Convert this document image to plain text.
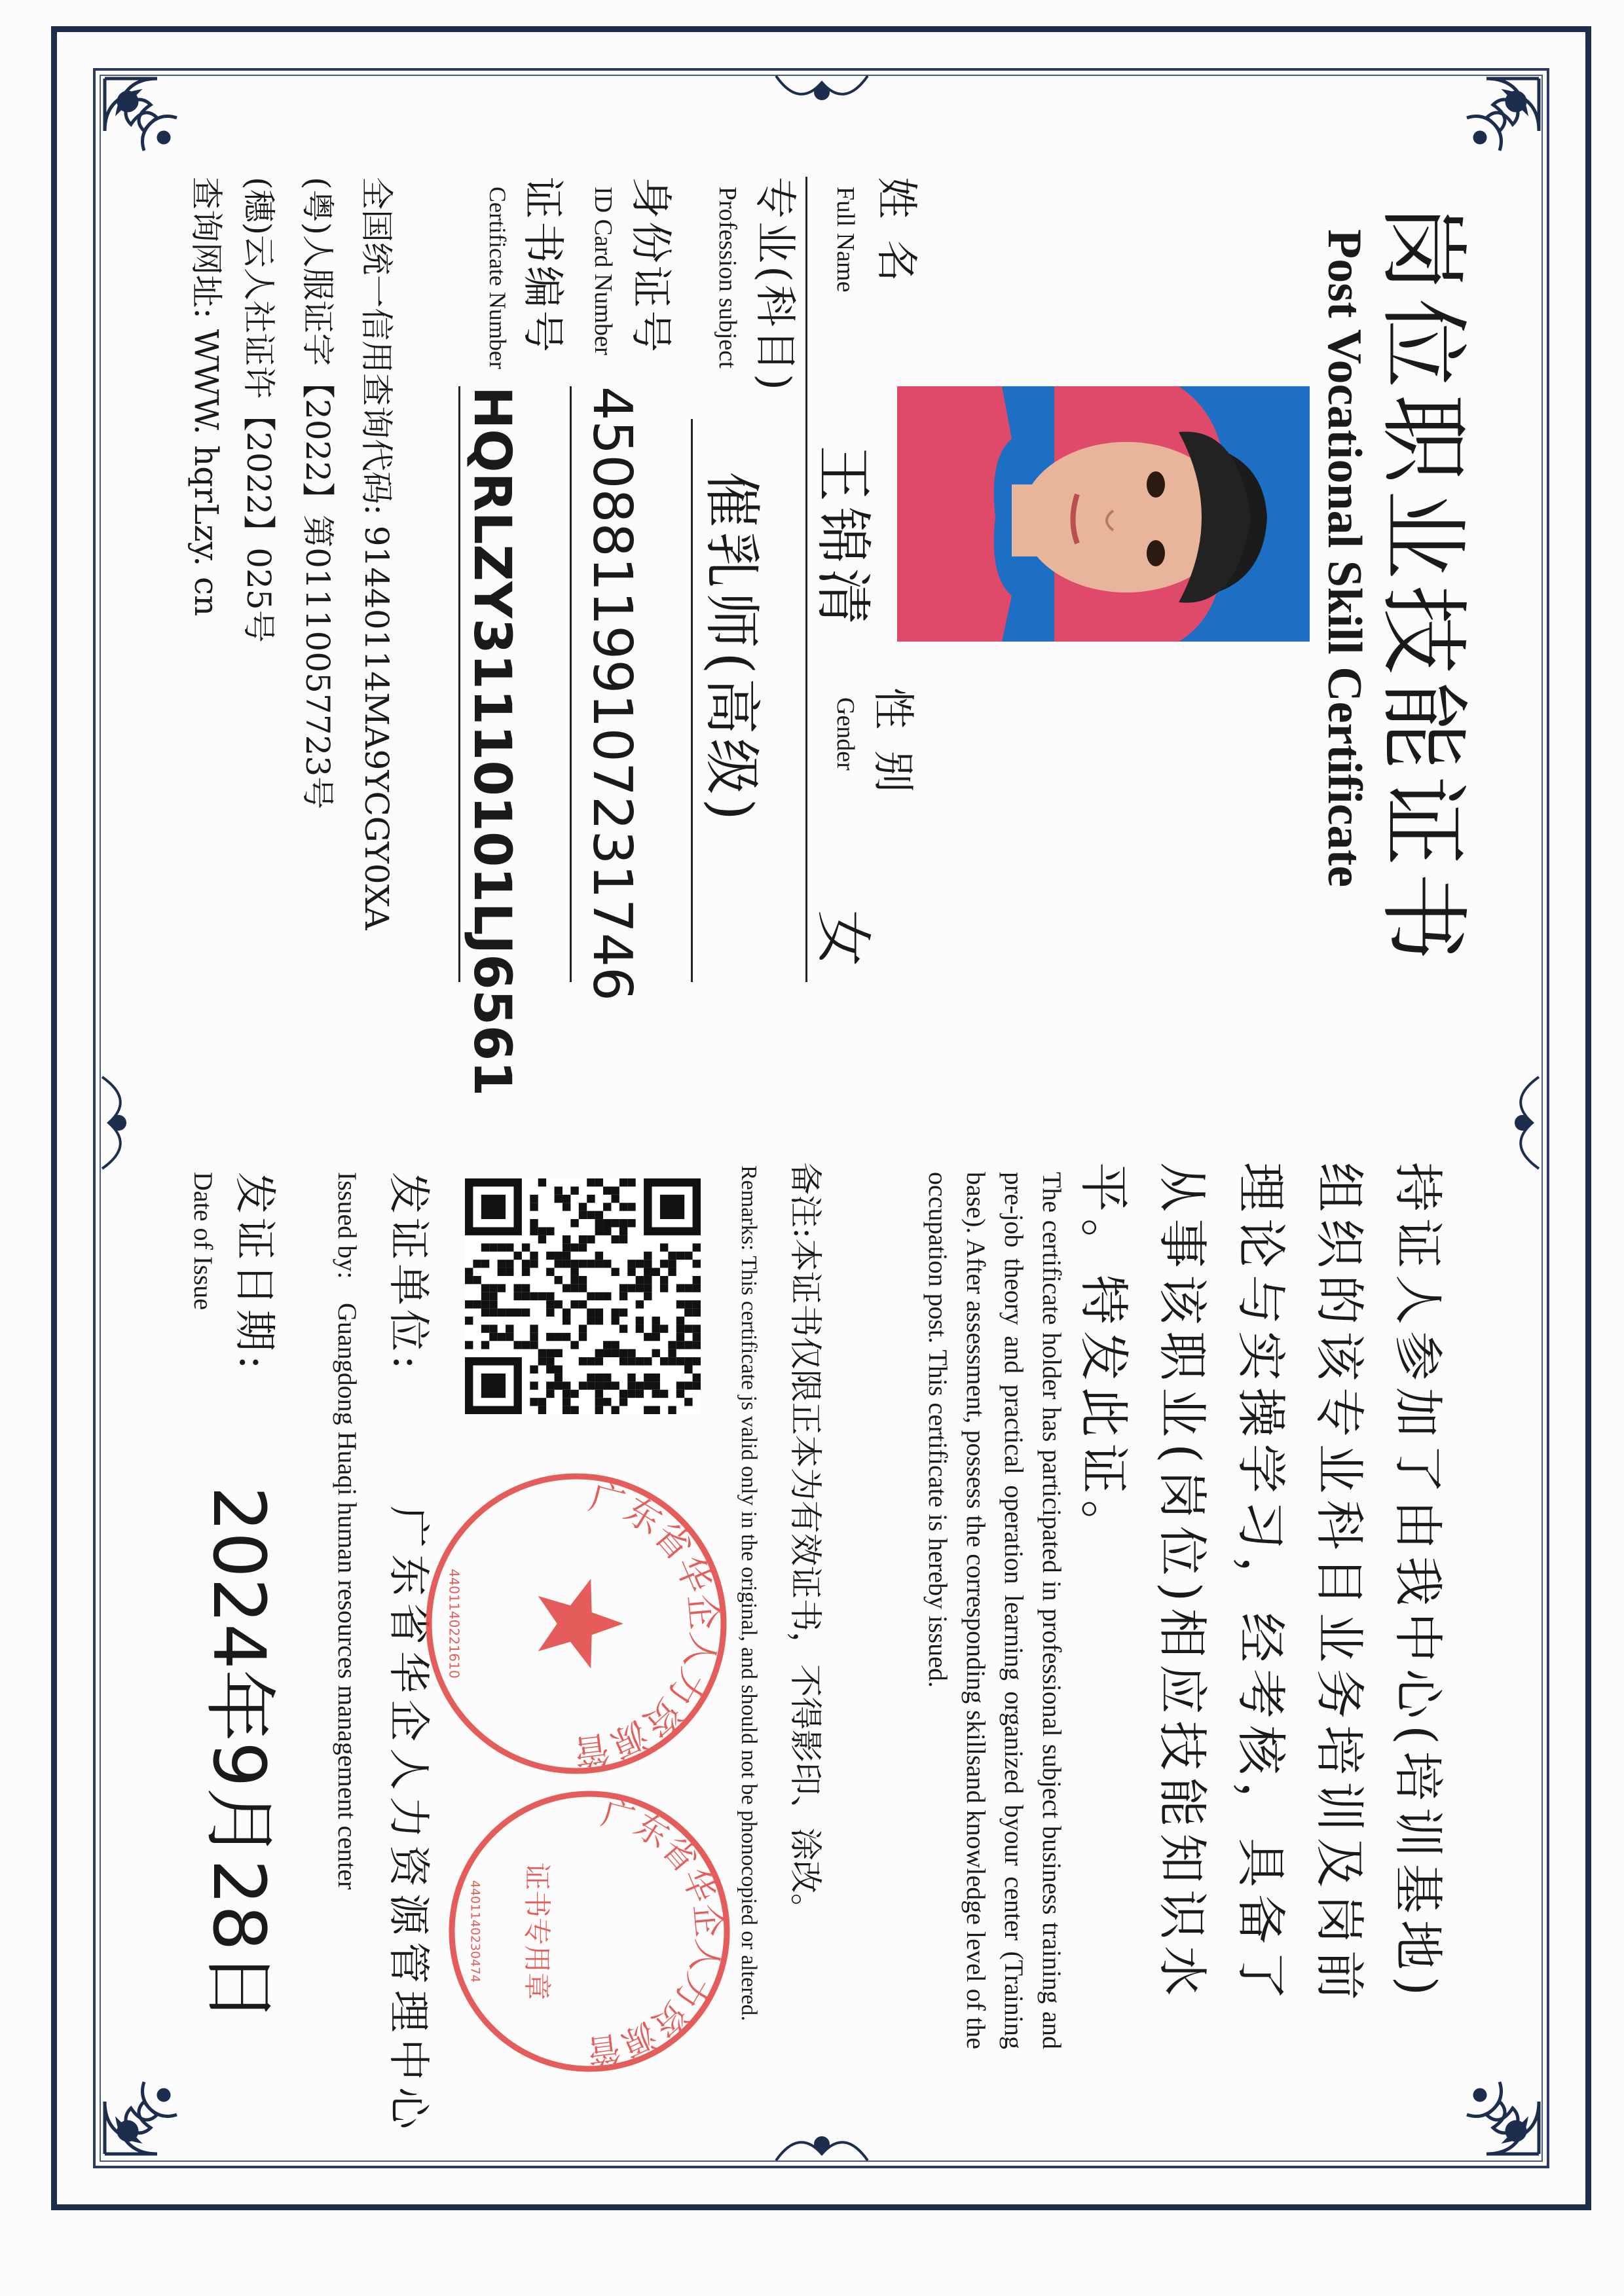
岗位职业技能证书
Post Vocational Skill Certificate
姓 名
Full Name
王锦清
性 别
Gender
女
专业(科目)
Profession subject
催乳师(高级)
身份证号
ID Card Number
450881199107231746
证书编号
Certificate Number
HQRLZY31110101LJ6561
全国统一信用查询代码: 91440114MA9YCGY0XA
(粤)人服证字【2022】第01110057723号
(穗)云人社证许【2022】025号
查询网址: WWW. hqrLzy. cn
持证人参加了由我中心(培训基地)组织的该专业科目业务培训及岗前理论与实操学习，经考核，具备了从事该职业(岗位)相应技能知识水平。特发此证。
The certificate holder has participated in professional subject business training and pre-job theory and practical operation learning organized byour center (Training base). After assessment, possess the corresponding skillsand knowledge level of the occupation post. This certificate is hereby issued.
备注:本证书仅限正本为有效证书，不得影印、涂改。
Remarks: This certificate js valid only in the original, and should not be phonocopied or altered.
发证单位:
广东省华企人力资源管理中心
Issued by:
Guangdong Huaqi human resources management center
发证日期:
Date of Issue
2024年9月28日	广东省华企人力资源管
4401140221610
广东省华企人力资源管
证书专用章
4401140230474
